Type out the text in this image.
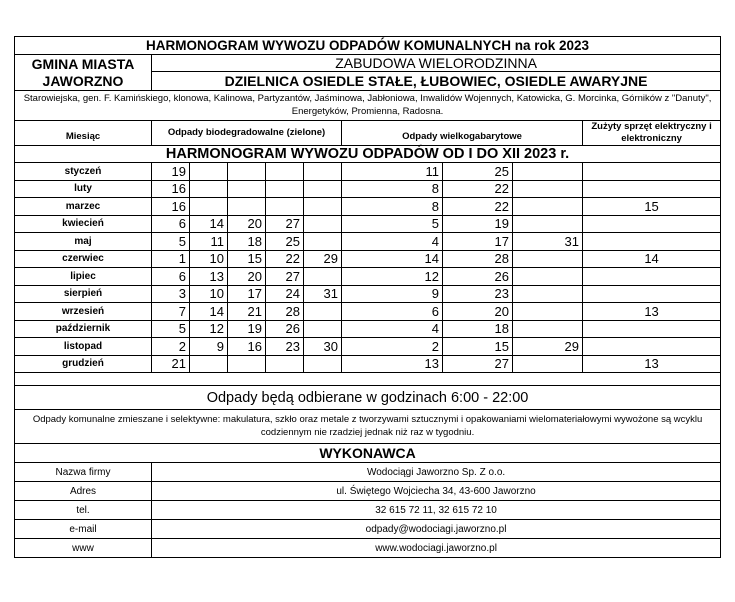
HARMONOGRAM WYWOZU ODPADÓW KOMUNALNYCH na rok 2023									
GMINA MIASTA JAWORZNO	ZABUDOWA WIELORODZINNA								
	DZIELNICA OSIEDLE STAŁE, ŁUBOWIEC, OSIEDLE AWARYJNE								
Starowiejska, gen. F. Kamińskiego, klonowa, Kalinowa, Partyzantów, Jaśminowa, Jabłoniowa, Inwalidów Wojennych, Katowicka, G. Morcinka, Górników z "Danuty", Energetyków, Promienna, Radosna.									
Miesiąc	Odpady biodegradowalne (zielone)					Odpady wielkogabarytowe			Zużyty sprzęt elektryczny i elektroniczny
HARMONOGRAM WYWOZU ODPADÓW OD I DO XII 2023 r.									
styczeń	19					11	25		
luty	16					8	22		
marzec	16					8	22		15
kwiecień	6	14	20	27		5	19		
maj	5	11	18	25		4	17	31	
czerwiec	1	10	15	22	29	14	28		14
lipiec	6	13	20	27		12	26		
sierpień	3	10	17	24	31	9	23		
wrzesień	7	14	21	28		6	20		13
październik	5	12	19	26		4	18		
listopad	2	9	16	23	30	2	15	29	
grudzień	21					13	27		13

Odpady będą odbierane w godzinach 6:00 - 22:00									
Odpady komunalne zmieszane i selektywne: makulatura, szkło oraz metale z tworzywami sztucznymi i opakowaniami wielomateriałowymi wywożone są wcyklu codziennym nie rzadziej jednak niż raz w tygodniu.									
WYKONAWCA									
Nazwa firmy	Wodociągi Jaworzno Sp. Z o.o.								
Adres	ul. Świętego Wojciecha 34, 43-600 Jaworzno								
tel.	32 615 72 11, 32 615 72 10								
e-mail	odpady@wodociagi.jaworzno.pl								
www	www.wodociagi.jaworzno.pl								
